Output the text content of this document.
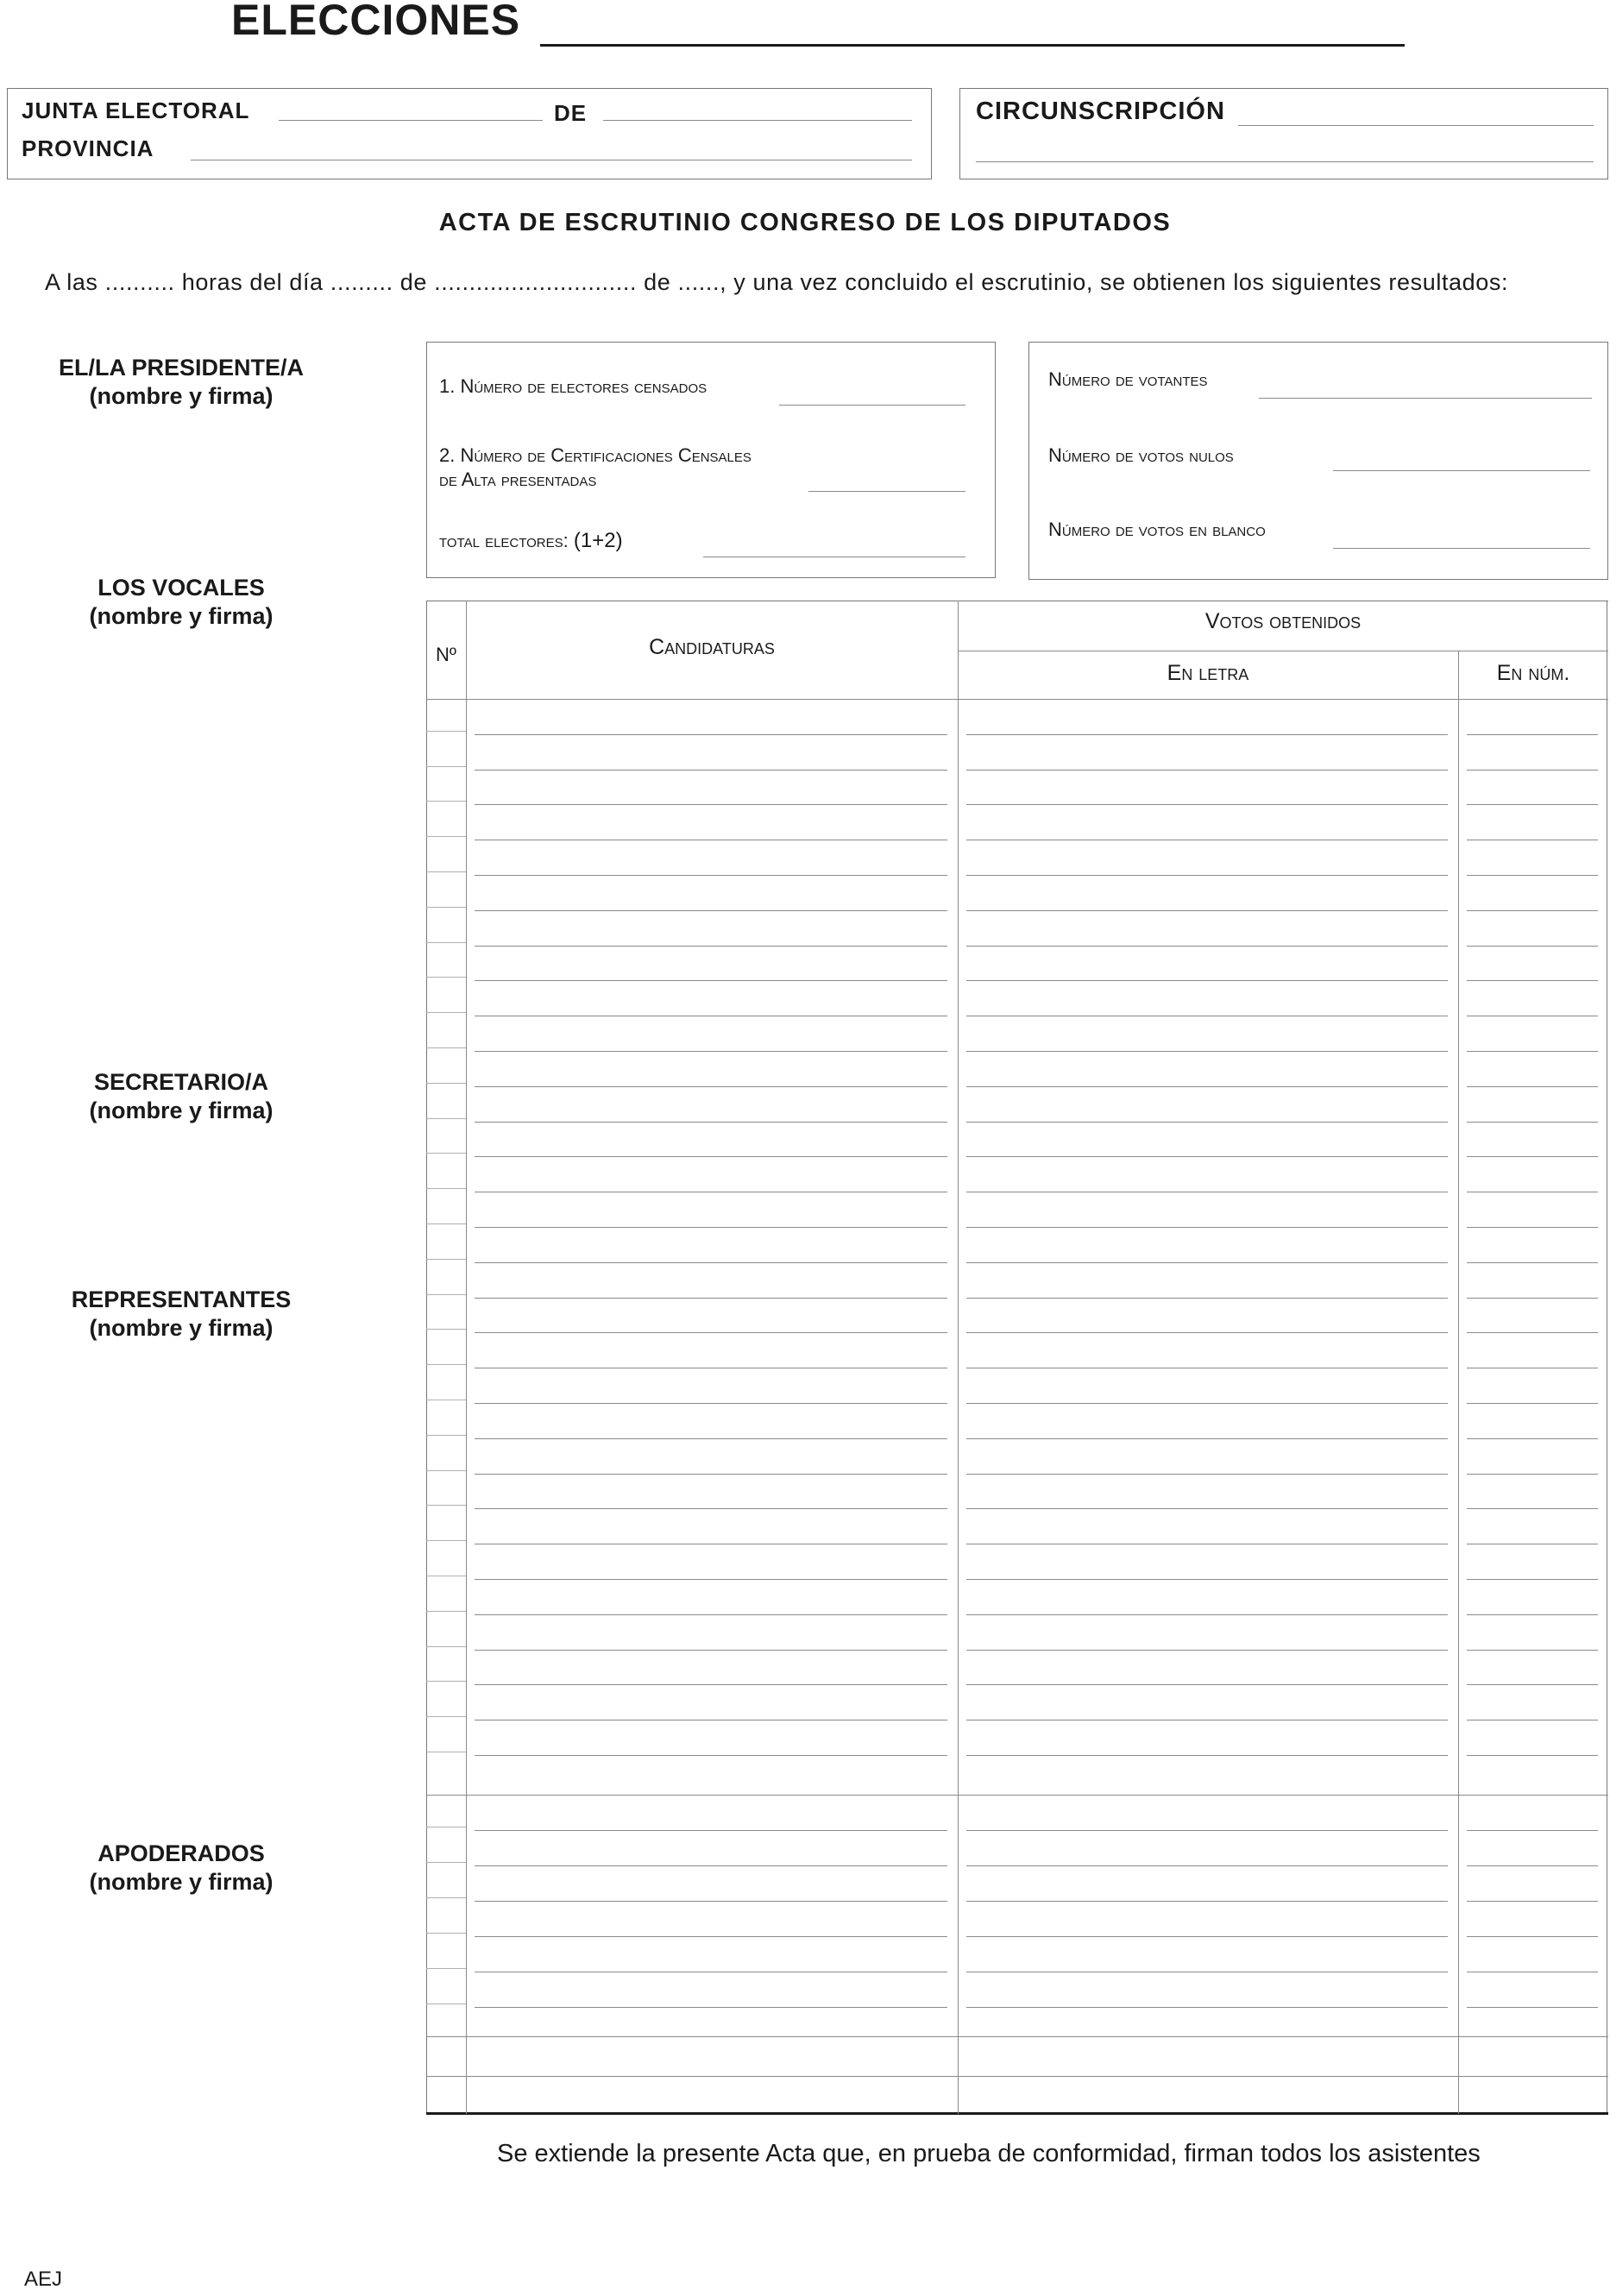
ELECCIONES
JUNTA ELECTORAL	DE
PROVINCIA
CIRCUNSCRIPCIÓN
ACTA DE ESCRUTINIO CONGRESO DE LOS DIPUTADOS
A las .......... horas del día ......... de ............................. de ......, y una vez concluido el escrutinio, se obtienen los siguientes resultados:
EL/LA PRESIDENTE/A
(nombre y firma)
LOS VOCALES
(nombre y firma)
SECRETARIO/A
(nombre y firma)
REPRESENTANTES
(nombre y firma)
APODERADOS
(nombre y firma)
1. Número de electores censados
2. Número de Certificaciones Censales
de Alta presentadas
total electores: (1+2)
Número de votantes
Número de votos nulos
Número de votos en blanco
Nº	Candidaturas
Votos obtenidos
En letra	En núm.
Se extiende la presente Acta que, en prueba de conformidad, firman todos los asistentes
AEJ
